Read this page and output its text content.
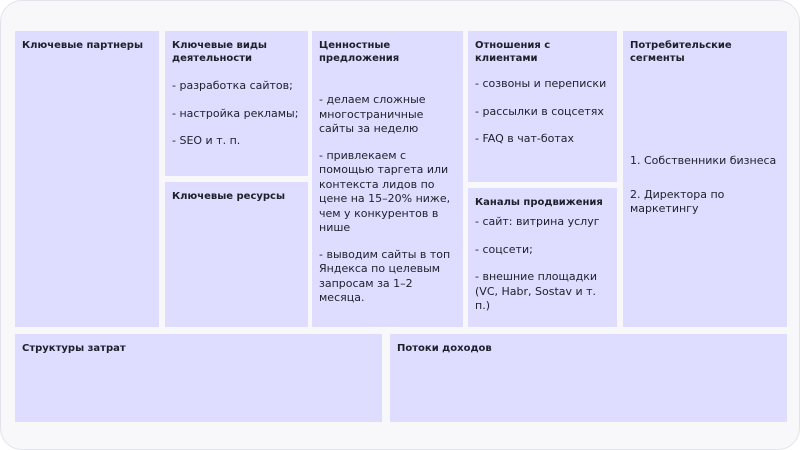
Ключевые партнеры	Ключевые виды деятельности
- разработка сайтов;
- настройка рекламы;
- SEO и т. п.
Ключевые ресурсы
Ценностные предложения
- делаем сложные многостраничные сайты за неделю
- привлекаем с помощью таргета или контекста лидов по цене на 15–20% ниже, чем у конкурентов в нише
- выводим сайты в топ Яндекса по целевым запросам за 1–2 месяца.
Отношения с клиентами
- созвоны и переписки
- рассылки в соцсетях
- FAQ в чат-ботах
Каналы продвижения
- сайт: витрина услуг
- соцсети;
- внешние площадки (VC, Habr, Sostav и т. п.)
Потребительские сегменты
1. Собственники бизнеса
2. Директора по маркетингу
Структуры затрат	Потоки доходов
